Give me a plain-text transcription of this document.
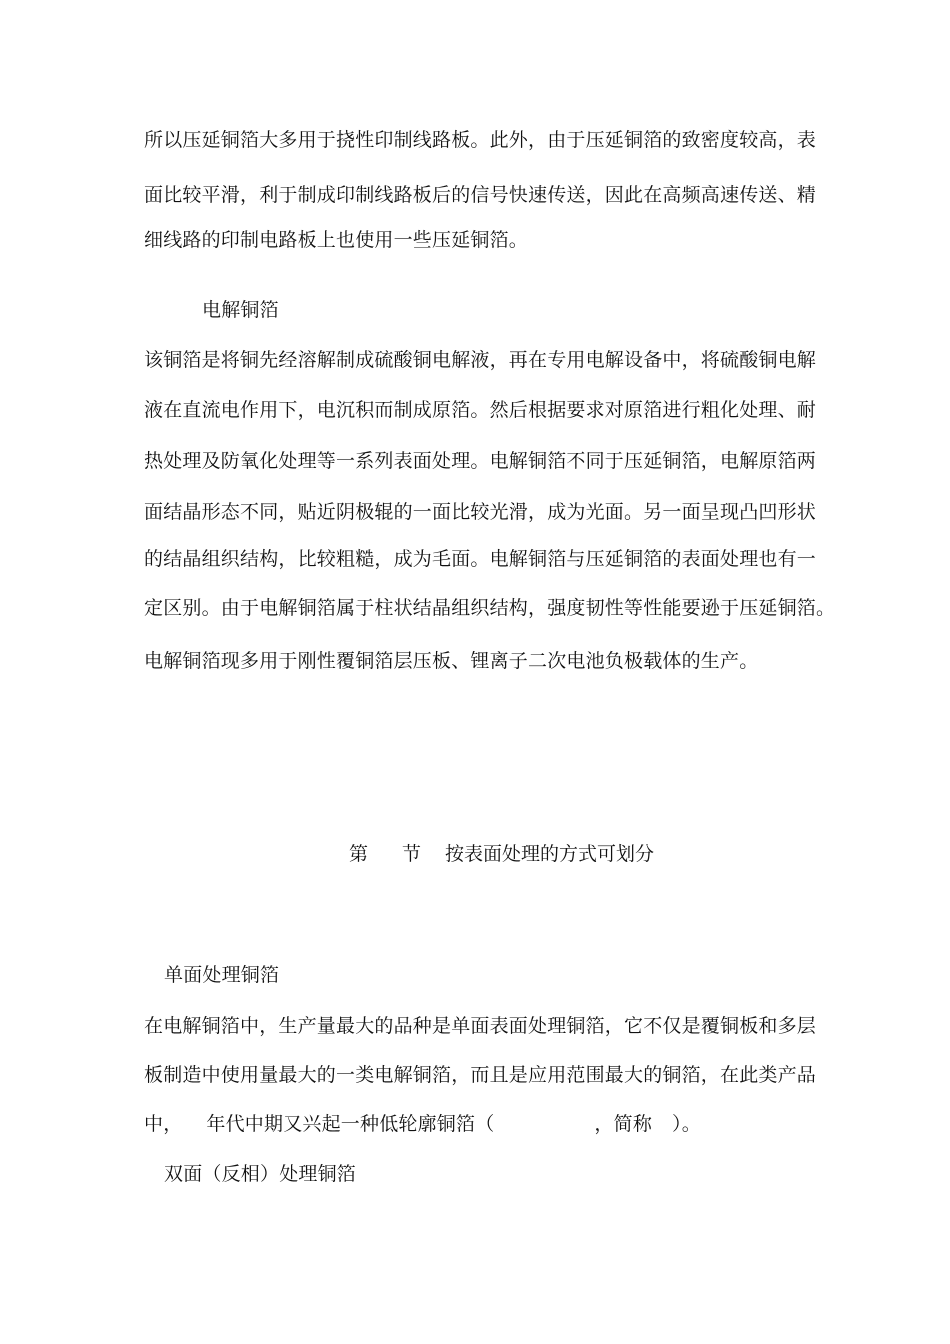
所以压延铜箔大多用于挠性印制线路板。此外，由于压延铜箔的致密度较高，表
面比较平滑，利于制成印制线路板后的信号快速传送，因此在高频高速传送、精
细线路的印制电路板上也使用一些压延铜箔。
电解铜箔
该铜箔是将铜先经溶解制成硫酸铜电解液，再在专用电解设备中，将硫酸铜电解
液在直流电作用下，电沉积而制成原箔。然后根据要求对原箔进行粗化处理、耐
热处理及防氧化处理等一系列表面处理。电解铜箔不同于压延铜箔，电解原箔两
面结晶形态不同，贴近阴极辊的一面比较光滑，成为光面。另一面呈现凸凹形状
的结晶组织结构，比较粗糙，成为毛面。电解铜箔与压延铜箔的表面处理也有一
定区别。由于电解铜箔属于柱状结晶组织结构，强度韧性等性能要逊于压延铜箔。
电解铜箔现多用于刚性覆铜箔层压板、锂离子二次电池负极载体的生产。
第 节 按表面处理的方式可划分
单面处理铜箔
在电解铜箔中，生产量最大的品种是单面表面处理铜箔，它不仅是覆铜板和多层
板制造中使用量最大的一类电解铜箔，而且是应用范围最大的铜箔，在此类产品
中， 年代中期又兴起一种低轮廓铜箔（	，简称 ）。
双面（反相）处理铜箔
